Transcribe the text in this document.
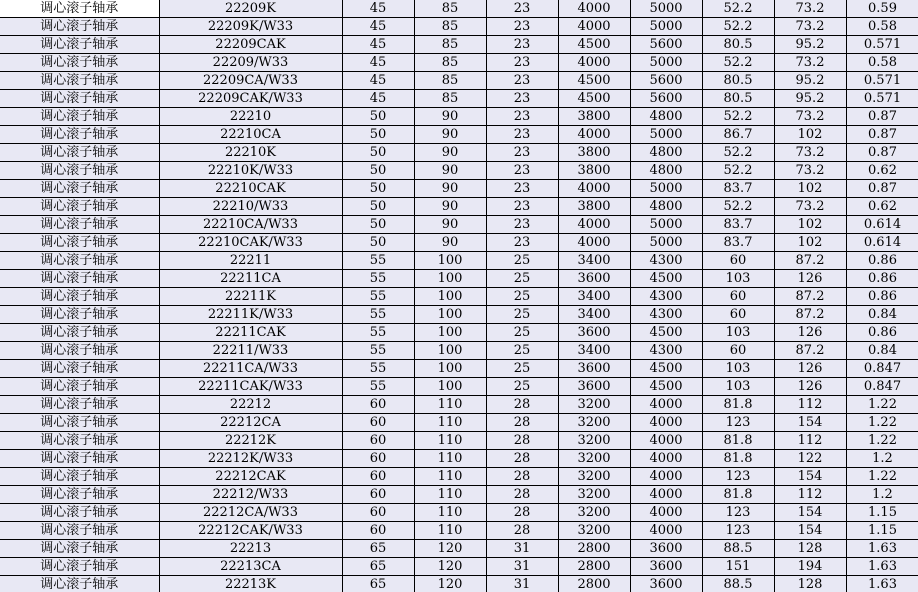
调心滚子轴承	22209K	45	85	23	4000	5000	52.2	73.2	0.59
调心滚子轴承	22209K/W33	45	85	23	4000	5000	52.2	73.2	0.58
调心滚子轴承	22209CAK	45	85	23	4500	5600	80.5	95.2	0.571
调心滚子轴承	22209/W33	45	85	23	4000	5000	52.2	73.2	0.58
调心滚子轴承	22209CA/W33	45	85	23	4500	5600	80.5	95.2	0.571
调心滚子轴承	22209CAK/W33	45	85	23	4500	5600	80.5	95.2	0.571
调心滚子轴承	22210	50	90	23	3800	4800	52.2	73.2	0.87
调心滚子轴承	22210CA	50	90	23	4000	5000	86.7	102	0.87
调心滚子轴承	22210K	50	90	23	3800	4800	52.2	73.2	0.87
调心滚子轴承	22210K/W33	50	90	23	3800	4800	52.2	73.2	0.62
调心滚子轴承	22210CAK	50	90	23	4000	5000	83.7	102	0.87
调心滚子轴承	22210/W33	50	90	23	3800	4800	52.2	73.2	0.62
调心滚子轴承	22210CA/W33	50	90	23	4000	5000	83.7	102	0.614
调心滚子轴承	22210CAK/W33	50	90	23	4000	5000	83.7	102	0.614
调心滚子轴承	22211	55	100	25	3400	4300	60	87.2	0.86
调心滚子轴承	22211CA	55	100	25	3600	4500	103	126	0.86
调心滚子轴承	22211K	55	100	25	3400	4300	60	87.2	0.86
调心滚子轴承	22211K/W33	55	100	25	3400	4300	60	87.2	0.84
调心滚子轴承	22211CAK	55	100	25	3600	4500	103	126	0.86
调心滚子轴承	22211/W33	55	100	25	3400	4300	60	87.2	0.84
调心滚子轴承	22211CA/W33	55	100	25	3600	4500	103	126	0.847
调心滚子轴承	22211CAK/W33	55	100	25	3600	4500	103	126	0.847
调心滚子轴承	22212	60	110	28	3200	4000	81.8	112	1.22
调心滚子轴承	22212CA	60	110	28	3200	4000	123	154	1.22
调心滚子轴承	22212K	60	110	28	3200	4000	81.8	112	1.22
调心滚子轴承	22212K/W33	60	110	28	3200	4000	81.8	122	1.2
调心滚子轴承	22212CAK	60	110	28	3200	4000	123	154	1.22
调心滚子轴承	22212/W33	60	110	28	3200	4000	81.8	112	1.2
调心滚子轴承	22212CA/W33	60	110	28	3200	4000	123	154	1.15
调心滚子轴承	22212CAK/W33	60	110	28	3200	4000	123	154	1.15
调心滚子轴承	22213	65	120	31	2800	3600	88.5	128	1.63
调心滚子轴承	22213CA	65	120	31	2800	3600	151	194	1.63
调心滚子轴承	22213K	65	120	31	2800	3600	88.5	128	1.63
